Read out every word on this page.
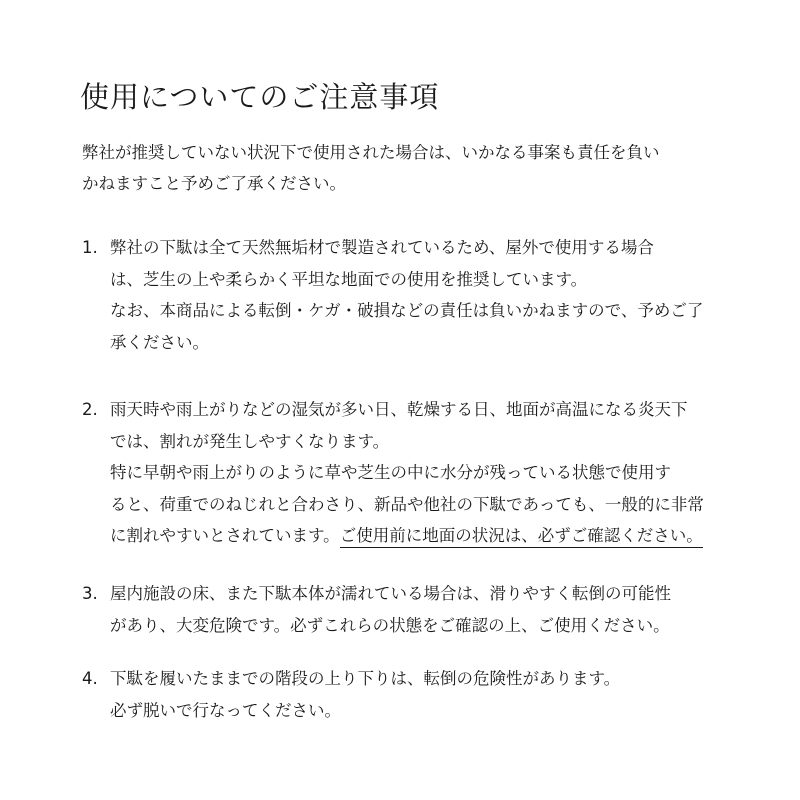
使用についてのご注意事項
弊社が推奨していない状況下で使用された場合は、いかなる事案も責任を負い
かねますこと予めご了承ください。
1. 弊社の下駄は全て天然無垢材で製造されているため、屋外で使用する場合
は、芝生の上や柔らかく平坦な地面での使用を推奨しています。
なお、本商品による転倒・ケガ・破損などの責任は負いかねますので、予めご了
承ください。
2. 雨天時や雨上がりなどの湿気が多い日、乾燥する日、地面が高温になる炎天下
では、割れが発生しやすくなります。
特に早朝や雨上がりのように草や芝生の中に水分が残っている状態で使用す
ると、荷重でのねじれと合わさり、新品や他社の下駄であっても、一般的に非常
に割れやすいとされています。ご使用前に地面の状況は、必ずご確認ください。
3. 屋内施設の床、また下駄本体が濡れている場合は、滑りやすく転倒の可能性
があり、大変危険です。必ずこれらの状態をご確認の上、ご使用ください。
4. 下駄を履いたままでの階段の上り下りは、転倒の危険性があります。
必ず脱いで行なってください。
